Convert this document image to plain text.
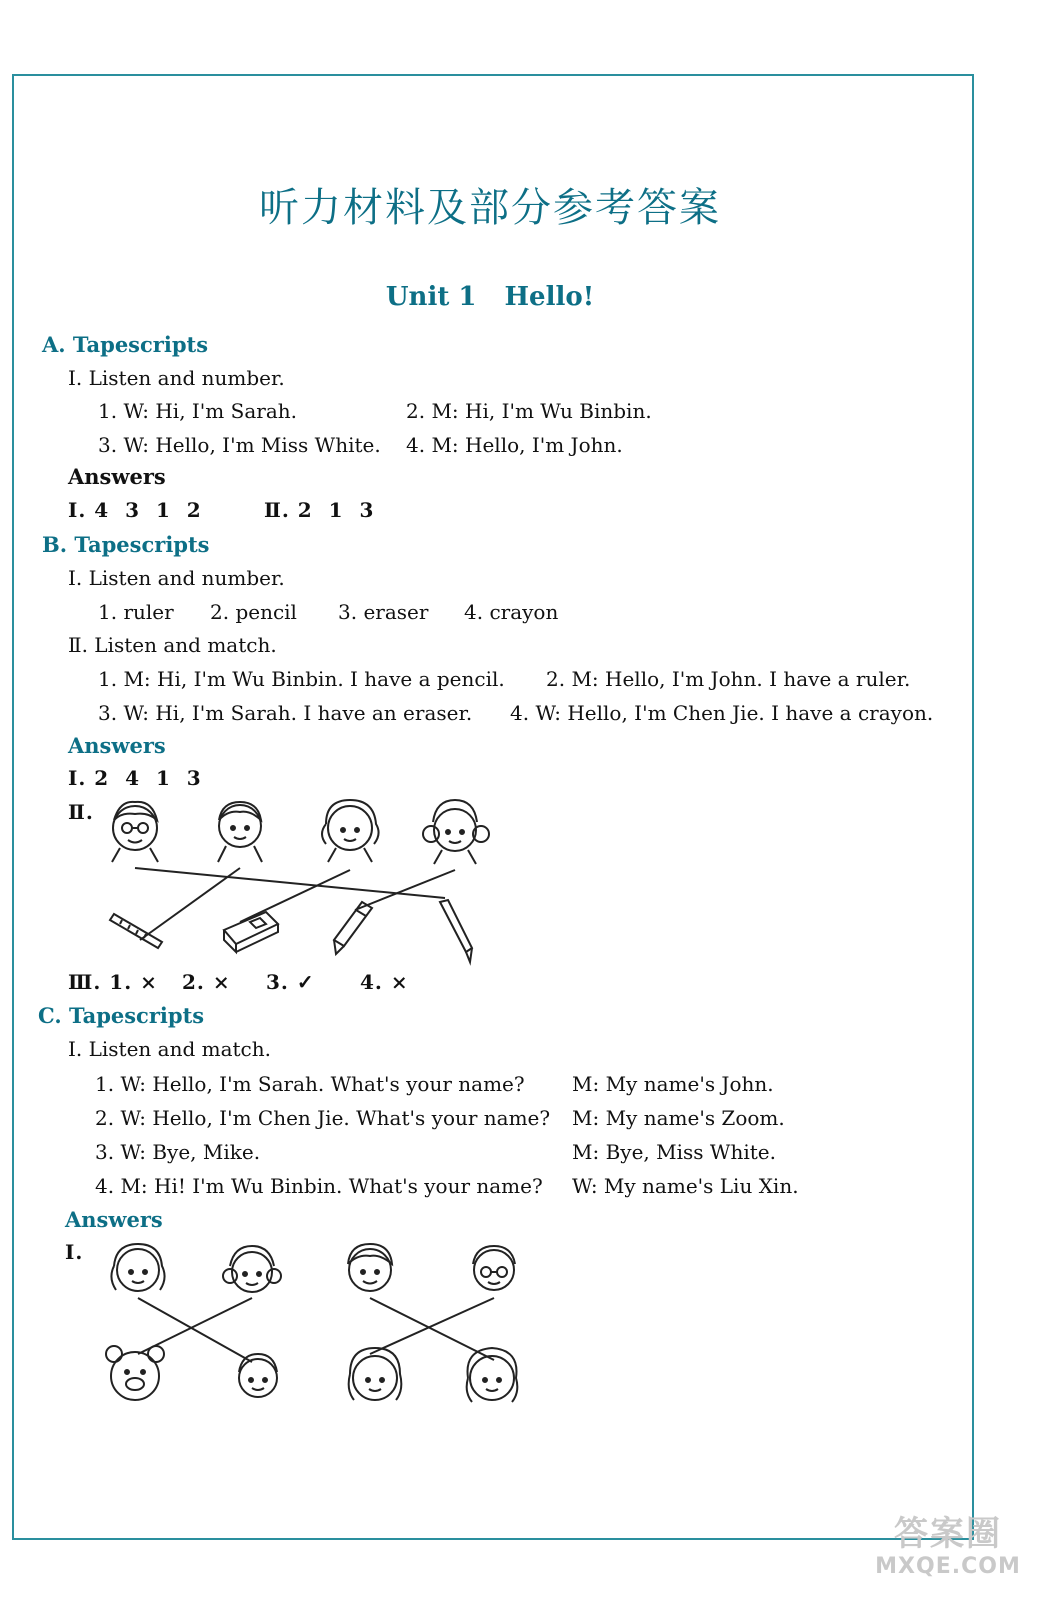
听力材料及部分参考答案
Unit 1 Hello!
A. Tapescripts
Ⅰ. Listen and number.
1. W: Hi, I'm Sarah.	2. M: Hi, I'm Wu Binbin.
3. W: Hello, I'm Miss White. 4. M: Hello, I'm John.
Answers
Ⅰ. 4  3  1  2	Ⅱ. 2  1  3
B. Tapescripts
Ⅰ. Listen and number.
1. ruler 2. pencil 3. eraser 4. crayon
Ⅱ. Listen and match.
1. M: Hi, I'm Wu Binbin. I have a pencil. 2. M: Hello, I'm John. I have a ruler.
3. W: Hi, I'm Sarah. I have an eraser. 4. W: Hello, I'm Chen Jie. I have a crayon.
Answers
Ⅰ. 2  4  1  3
Ⅱ.
Ⅲ. 1. × 2. × 3. ✓ 4. ×
C. Tapescripts
Ⅰ. Listen and match.
1. W: Hello, I'm Sarah. What's your name? M: My name's John.
2. W: Hello, I'm Chen Jie. What's your name? M: My name's Zoom.
3. W: Bye, Mike.	M: Bye, Miss White.
4. M: Hi! I'm Wu Binbin. What's your name? W: My name's Liu Xin.
Answers
Ⅰ.
答案圈
MXQE.COM
